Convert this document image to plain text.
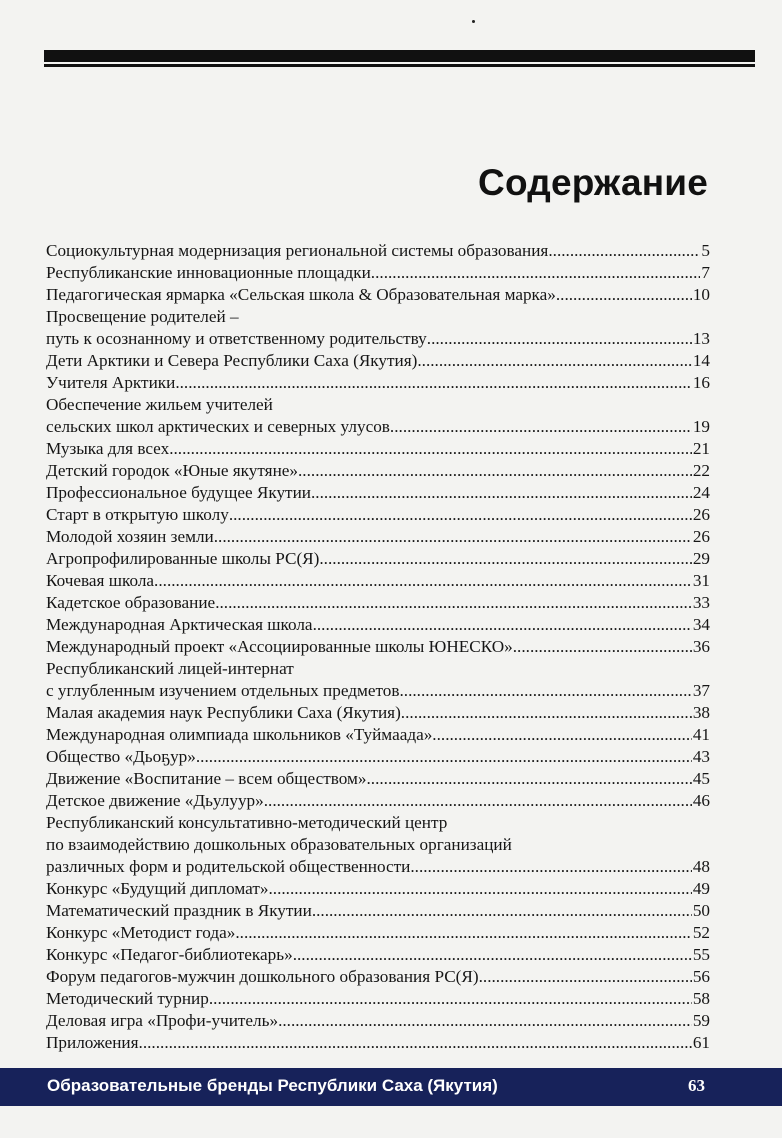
Содержание
Социокультурная модернизация региональной системы образования .....	5
Республиканские инновационные площадки .....	7
Педагогическая ярмарка «Сельская школа & Образовательная марка» .....	10
Просвещение родителей –
путь к осознанному и ответственному родительству .....	13
Дети Арктики и Севера Республики Саха (Якутия) .....	14
Учителя Арктики .....	16
Обеспечение жильем учителей
сельских школ арктических и северных улусов .....	19
Музыка для всех .....	21
Детский городок «Юные якутяне» .....	22
Профессиональное будущее Якутии .....	24
Старт в открытую школу .....	26
Молодой хозяин земли .....	26
Агропрофилированные школы РС(Я) .....	29
Кочевая школа .....	31
Кадетское образование .....	33
Международная Арктическая школа .....	34
Международный проект «Ассоциированные школы ЮНЕСКО» .....	36
Республиканский лицей-интернат
с углубленным изучением отдельных предметов .....	37
Малая академия наук Республики Саха (Якутия) .....	38
Международная олимпиада школьников «Туймаада» .....	41
Общество «Дьоҕур» .....	43
Движение «Воспитание – всем обществом» .....	45
Детское движение «Дьулуур» .....	46
Республиканский консультативно-методический центр
по взаимодействию дошкольных образовательных организаций
различных форм и родительской общественности .....	48
Конкурс «Будущий дипломат» .....	49
Математический праздник в Якутии .....	50
Конкурс «Методист года» .....	52
Конкурс «Педагог-библиотекарь» .....	55
Форум педагогов-мужчин дошкольного образования РС(Я) .....	56
Методический турнир .....	58
Деловая игра «Профи-учитель» .....	59
Приложения .....	61
Образовательные бренды Республики Саха (Якутия)	63
